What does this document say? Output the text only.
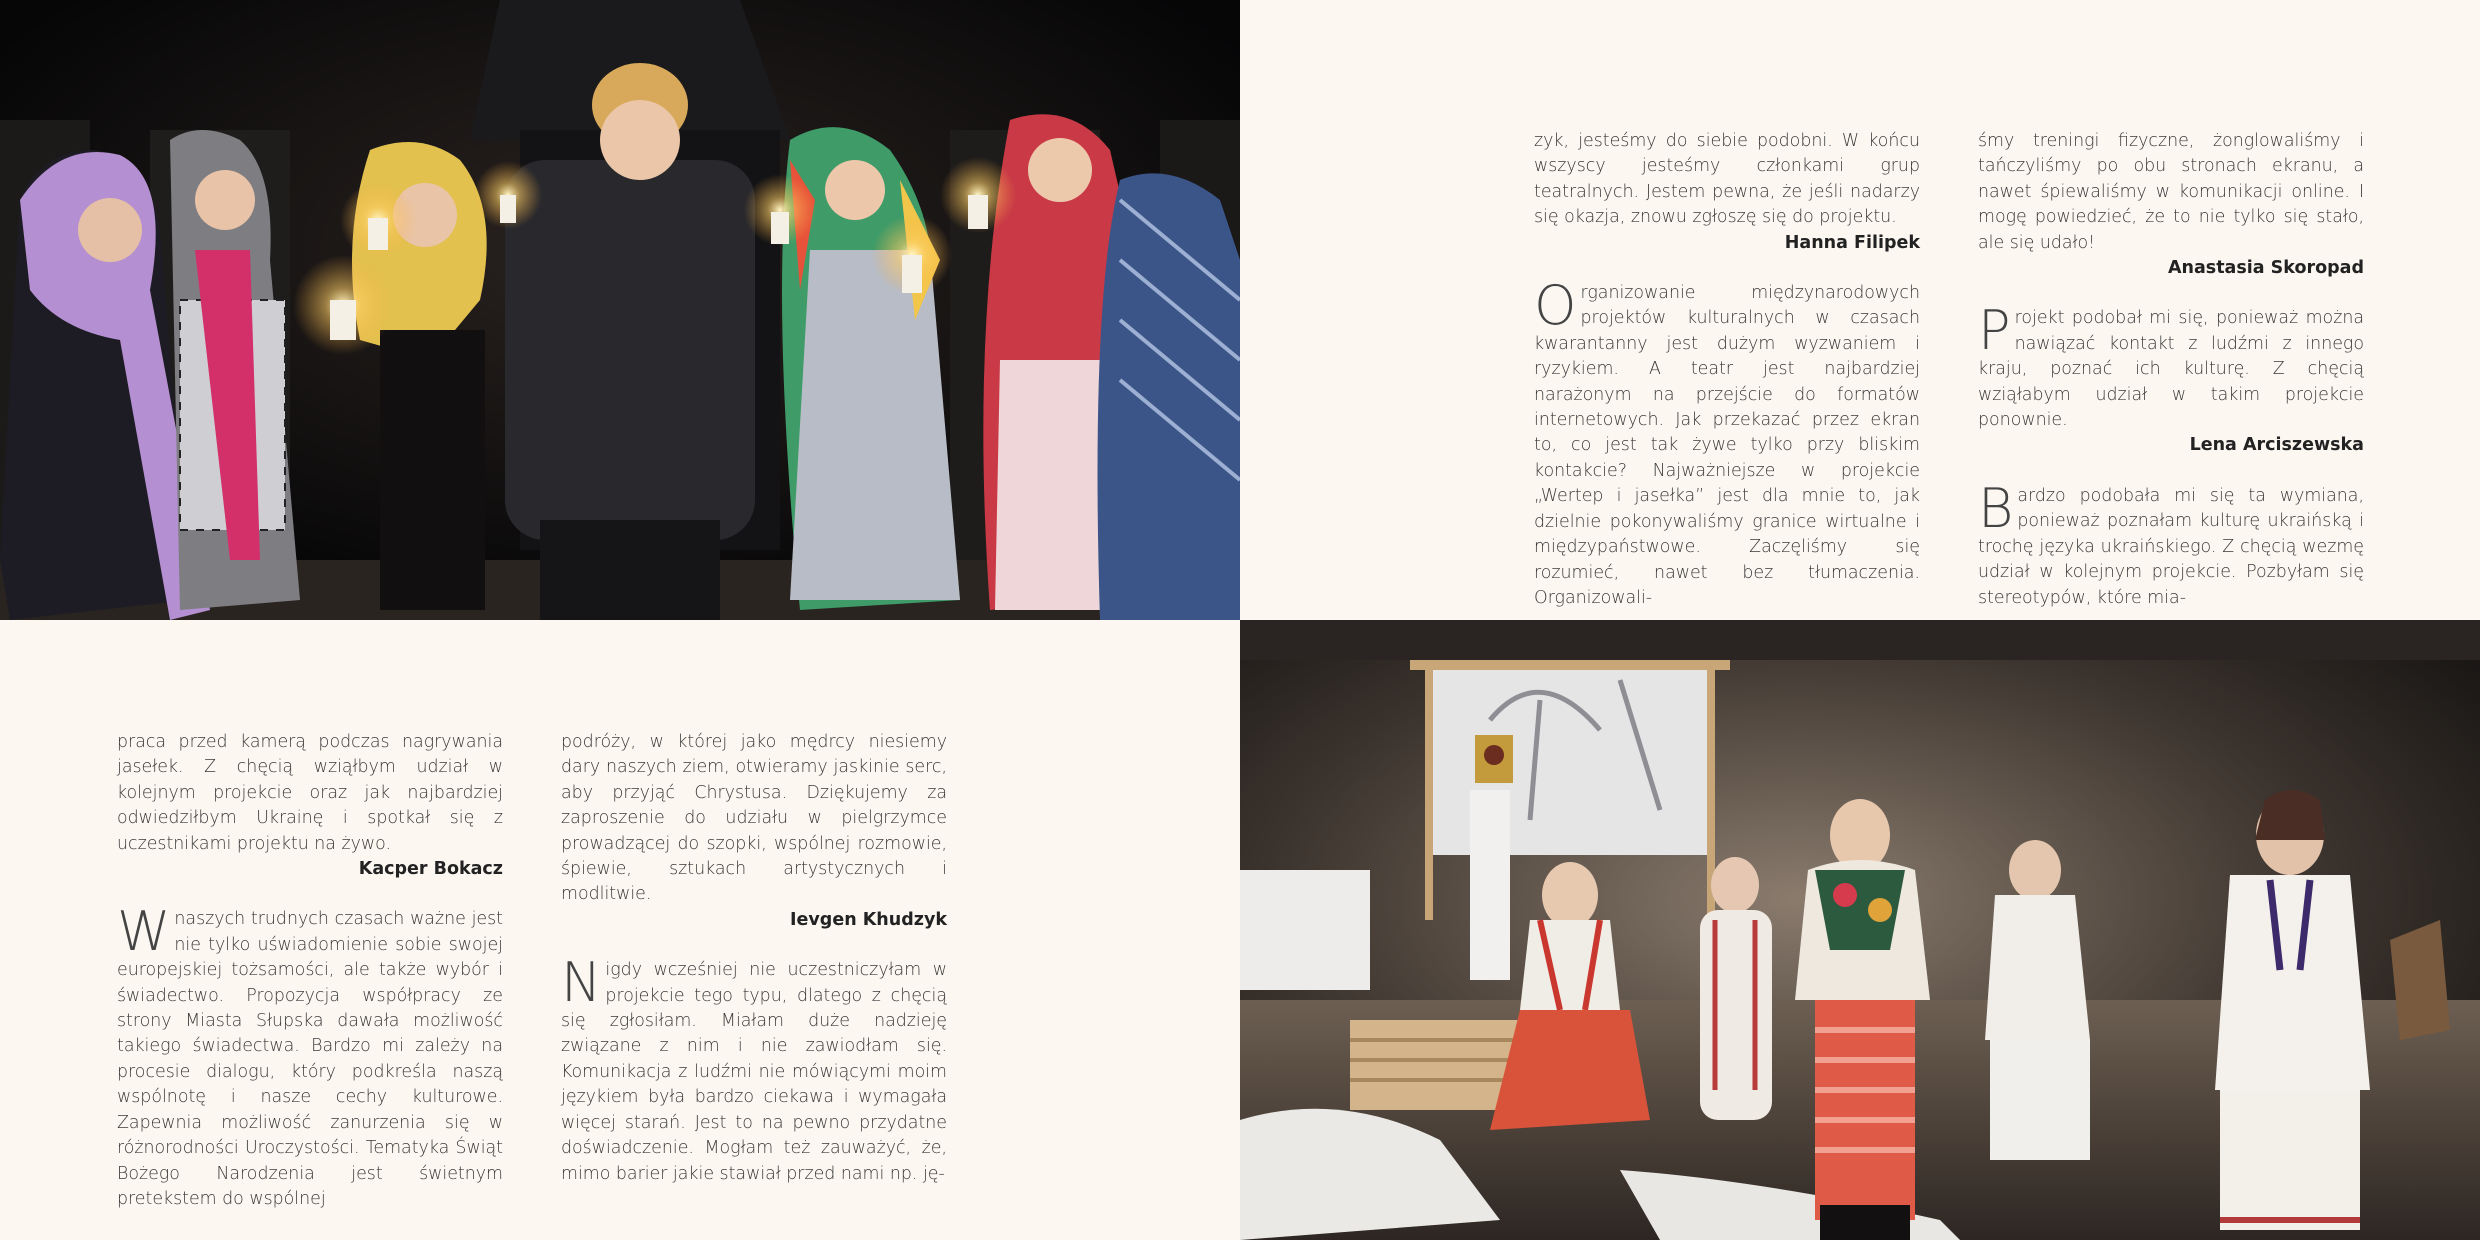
zyk, jesteśmy do siebie podobni. W końcu wszyscy jesteśmy członkami grup teatralnych. Jestem pewna, że jeśli nadarzy się okazja, znowu zgłoszę się do projektu.

Hanna Filipek

Organizowanie międzynarodowych projektów kulturalnych w czasach kwarantanny jest dużym wyzwaniem i ryzykiem. A teatr jest najbardziej narażonym na przejście do formatów internetowych. Jak przekazać przez ekran to, co jest tak żywe tylko przy bliskim kontakcie? Najważniejsze w projekcie „Wertep i jasełka” jest dla mnie to, jak dzielnie pokonywaliśmy granice wirtualne i międzypaństwowe. Zaczęliśmy się rozumieć, nawet bez tłumaczenia. Organizowali-

śmy treningi fizyczne, żonglowaliśmy i tańczyliśmy po obu stronach ekranu, a nawet śpiewaliśmy w komunikacji online. I mogę powiedzieć, że to nie tylko się stało, ale się udało!

Anastasia Skoropad

Projekt podobał mi się, ponieważ można nawiązać kontakt z ludźmi z innego kraju, poznać ich kulturę. Z chęcią wziąłabym udział w takim projekcie ponownie.

Lena Arciszewska

Bardzo podobała mi się ta wymiana, ponieważ poznałam kulturę ukraińską i trochę języka ukraińskiego. Z chęcią wezmę udział w kolejnym projekcie. Pozbyłam się stereotypów, które mia-

praca przed kamerą podczas nagrywania jasełek. Z chęcią wziąłbym udział w kolejnym projekcie oraz jak najbardziej odwiedziłbym Ukrainę i spotkał się z uczestnikami projektu na żywo.

Kacper Bokacz

W naszych trudnych czasach ważne jest nie tylko uświadomienie sobie swojej europejskiej tożsamości, ale także wybór i świadectwo. Propozycja współpracy ze strony Miasta Słupska dawała możliwość takiego świadectwa. Bardzo mi zależy na procesie dialogu, który podkreśla naszą wspólnotę i nasze cechy kulturowe. Zapewnia możliwość zanurzenia się w różnorodności Uroczystości. Tematyka Świąt Bożego Narodzenia jest świetnym pretekstem do wspólnej

podróży, w której jako mędrcy niesiemy dary naszych ziem, otwieramy jaskinie serc, aby przyjąć Chrystusa. Dziękujemy za zaproszenie do udziału w pielgrzymce prowadzącej do szopki, wspólnej rozmowie, śpiewie, sztukach artystycznych i modlitwie.

Ievgen Khudzyk

Nigdy wcześniej nie uczestniczyłam w projekcie tego typu, dlatego z chęcią się zgłosiłam. Miałam duże nadzieję związane z nim i nie zawiodłam się. Komunikacja z ludźmi nie mówiącymi moim językiem była bardzo ciekawa i wymagała więcej starań. Jest to na pewno przydatne doświadczenie. Mogłam też zauważyć, że, mimo barier jakie stawiał przed nami np. ję-
